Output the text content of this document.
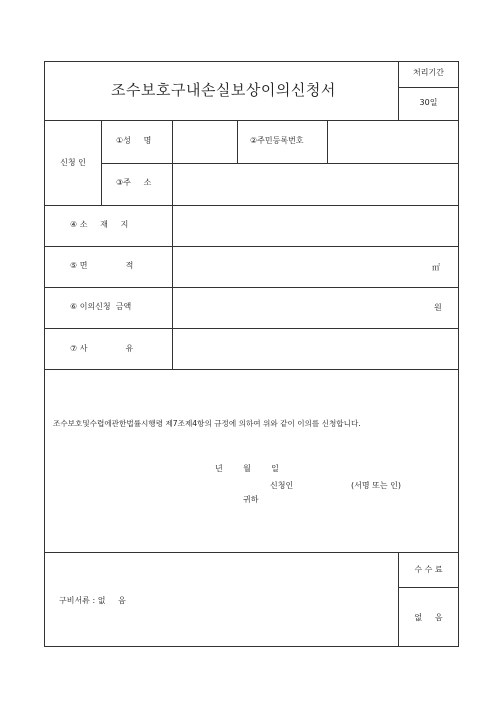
조수보호구내손실보상이의신청서
처리기간
30일
신청 인
①성     명	②주민등록번호
③주     소
④ 소     재     지
⑤ 면               적	㎡
⑥ 이의신청  금액	원
⑦ 사               유
조수보호및수렵에관한법률시행령 제7조제4항의 규정에 의하여 위와 같이 이의를 신청합니다.
년        월        일
신청인	(서명 또는 인)
귀하
구비서류 : 없     음
수 수 료
없     음
